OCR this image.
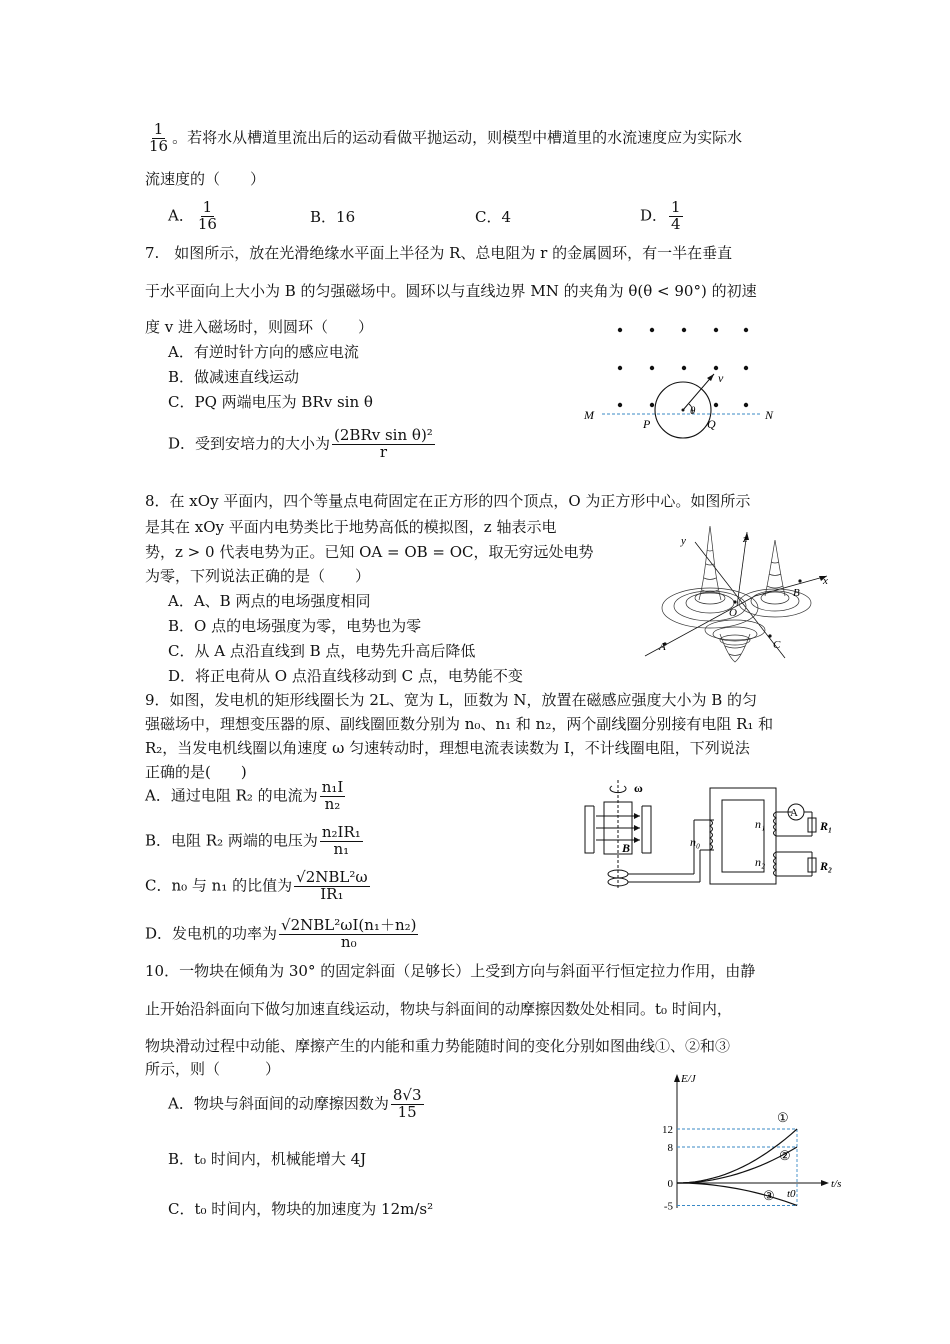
$\frac{1}{16}$ 。若将水从槽道里流出后的运动看做平抛运动，则模型中槽道里的水流速度应为实际水
流速度的（　　）
A． $\frac{1}{16}$	B．16	C．4	D． $\frac{1}{4}$
7.　如图所示，放在光滑绝缘水平面上半径为 R、总电阻为 r 的金属圆环，有一半在垂直
于水平面向上大小为 B 的匀强磁场中。圆环以与直线边界 MN 的夹角为 θ(θ < 90°) 的初速
度 v 进入磁场时，则圆环（　　）
A．有逆时针方向的感应电流
B．做减速直线运动
C．PQ 两端电压为 BRv sin θ
D．受到安培力的大小为 $\frac{\text{(2BRv sin θ)²}}{r}$
M	N
P	Q
v
θ
8．在 xOy 平面内，四个等量点电荷固定在正方形的四个顶点，O 为正方形中心。如图所示
是其在 xOy 平面内电势类比于地势高低的模拟图，z 轴表示电
势，z > 0 代表电势为正。已知 OA = OB = OC，取无穷远处电势
为零，下列说法正确的是（　　）
A．A、B 两点的电场强度相同
B．O 点的电场强度为零，电势也为零
C．从 A 点沿直线到 B 点，电势先升高后降低
D．将正电荷从 O 点沿直线移动到 C 点，电势能不变
y	z
x
B
A	C
O
9．如图，发电机的矩形线圈长为 2L、宽为 L，匝数为 N，放置在磁感应强度大小为 B 的匀
强磁场中，理想变压器的原、副线圈匝数分别为 n₀、n₁ 和 n₂，两个副线圈分别接有电阻 R₁ 和
R₂，当发电机线圈以角速度 ω 匀速转动时，理想电流表读数为 I，不计线圈电阻，下列说法
正确的是(　　)
A．通过电阻 R₂ 的电流为 $\frac{\text{n₁I}}{\text{n₂}}$
B．电阻 R₂ 两端的电压为 $\frac{\text{n₂IR₁}}{\text{n₁}}$
C．n₀ 与 n₁ 的比值为 $\frac{\text{√2NBL²ω}}{\text{IR₁}}$
D．发电机的功率为 $\frac{\text{√2NBL²ωI(n₁＋n₂)}}{\text{n₀}}$
ω
B	n₀
n₁
n₂
A
R₁
R₂
10．一物块在倾角为 30° 的固定斜面（足够长）上受到方向与斜面平行恒定拉力作用，由静
止开始沿斜面向下做匀加速直线运动，物块与斜面间的动摩擦因数处处相同。t₀ 时间内，
物块滑动过程中动能、摩擦产生的内能和重力势能随时间的变化分别如图曲线①、②和③
所示，则（　　　）
A．物块与斜面间的动摩擦因数为 $\frac{8√3}{15}$
B．t₀ 时间内，机械能增大 4J
C．t₀ 时间内，物块的加速度为 12m/s²
E/J
t/s
12
8
0
-5
t0
①
②
③
